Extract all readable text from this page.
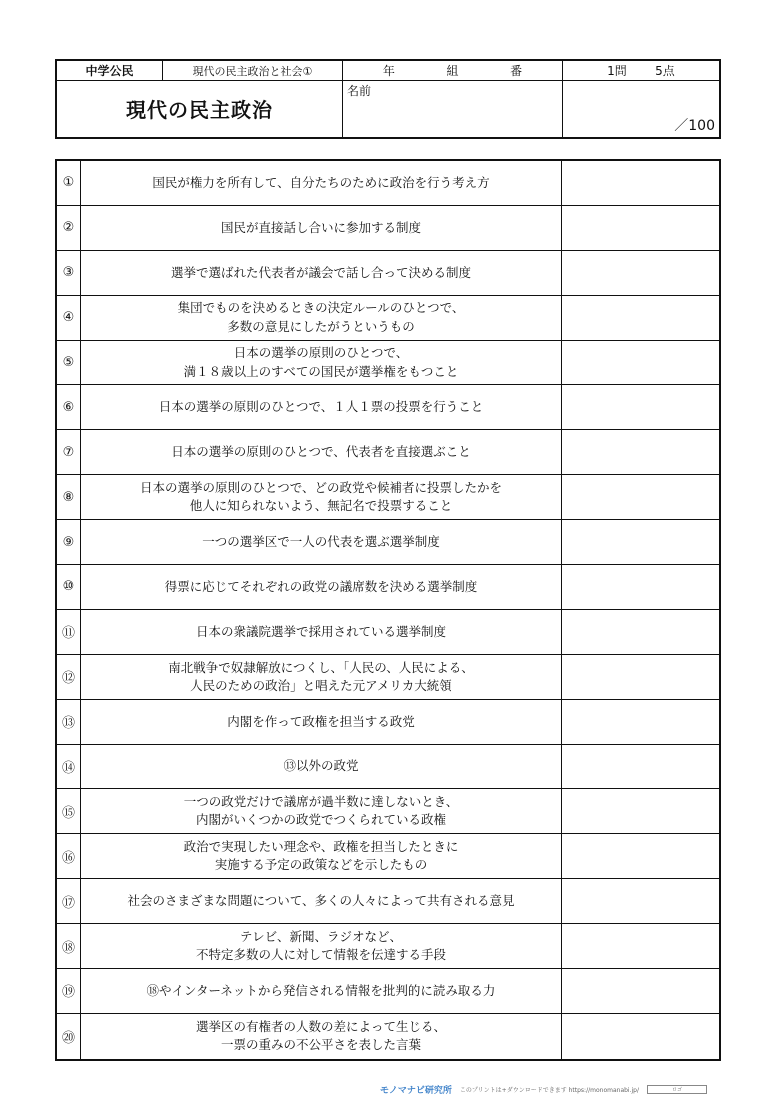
中学公民	現代の民主政治と社会①	年	組	番	1問 5点
現代の民主政治
名前
／100
①	国民が権力を所有して、自分たちのために政治を行う考え方
②	国民が直接話し合いに参加する制度
③	選挙で選ばれた代表者が議会で話し合って決める制度
④
集団でものを決めるときの決定ルールのひとつで、
多数の意見にしたがうというもの
⑤
日本の選挙の原則のひとつで、
満１８歳以上のすべての国民が選挙権をもつこと
⑥	日本の選挙の原則のひとつで、１人１票の投票を行うこと
⑦	日本の選挙の原則のひとつで、代表者を直接選ぶこと
⑧
日本の選挙の原則のひとつで、どの政党や候補者に投票したかを
他人に知られないよう、無記名で投票すること
⑨	一つの選挙区で一人の代表を選ぶ選挙制度
⑩	得票に応じてそれぞれの政党の議席数を決める選挙制度
⑪	日本の衆議院選挙で採用されている選挙制度
⑫
南北戦争で奴隷解放につくし、「人民の、人民による、
人民のための政治」と唱えた元アメリカ大統領
⑬	内閣を作って政権を担当する政党
⑭	⑬以外の政党
⑮
一つの政党だけで議席が過半数に達しないとき、
内閣がいくつかの政党でつくられている政権
⑯
政治で実現したい理念や、政権を担当したときに
実施する予定の政策などを示したもの
⑰	社会のさまざまな問題について、多くの人々によって共有される意見
⑱
テレビ、新聞、ラジオなど、
不特定多数の人に対して情報を伝達する手段
⑲	⑱やインターネットから発信される情報を批判的に読み取る力
⑳
選挙区の有権者の人数の差によって生じる、
一票の重みの不公平さを表した言葉
モノマナビ研究所 このプリントは+ダウンロードできます https://monomanabi.jp/	ロゴ
